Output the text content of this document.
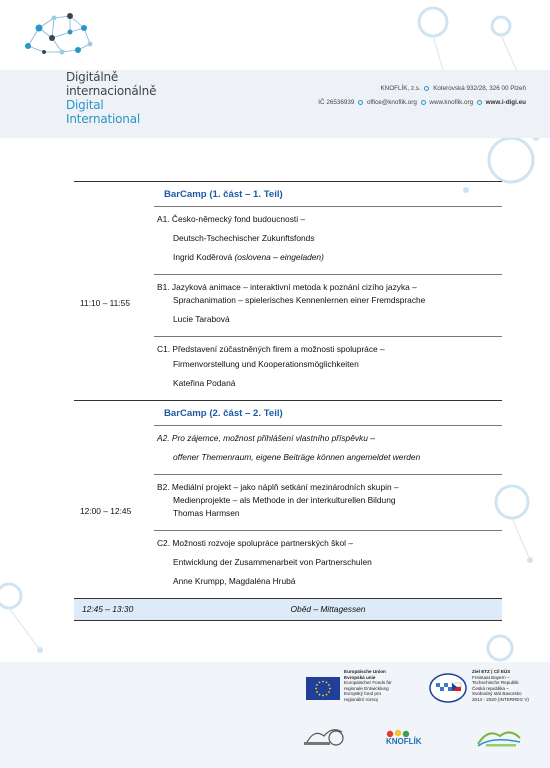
Digitálně
internacionálně
Digital
International
KNOFLÍK, z.s. Koterovská 932/28, 326 00 Plzeň
IČ 26536939 office@knoflik.org www.knoflik.org www.i-digi.eu
	BarCamp (1. část – 1. Teil)
11:10 – 11:55	A1. Česko-německý fond budoucnosti –

Deutsch-Tschechischer Zukunftsfonds

Ingrid Koděrová (oslovena – eingeladen)

	B1. Jazyková animace – interaktivní metoda k poznání cizího jazyka –

Sprachanimation – spielerisches Kennenlernen einer Fremdsprache

Lucie Tarabová

	C1. Představení zúčastněných firem a možnosti spolupráce –

Firmenvorstellung und Kooperationsmöglichkeiten

Kateřina Podaná

	BarCamp (2. část – 2. Teil)
12:00 – 12:45	A2. Pro zájemce, možnost přihlášení vlastního příspěvku –

offener Themenraum, eigene Beiträge können angemeldet werden

	B2. Mediální projekt – jako náplň setkání mezinárodních skupin –

Medienprojekte – als Methode in der interkulturellen Bildung

Thomas Harmsen

	C2. Možnosti rozvoje spolupráce partnerských škol –

Entwicklung der Zusammenarbeit von Partnerschulen

Anne Krumpp, Magdaléna Hrubá

12:45 – 13:30	Oběd – Mittagessen
Europäische Union
Evropská unie
Europäischer Fonds für
regionale Entwicklung
Evropský fond pro
regionální rozvoj
Ziel ETZ | Cíl EÚS
Freistaat Bayern –
Tschechische Republik
Česká republika –
Svobodný stát Bavorsko
2014 - 2020 (INTERREG V)
KNOFLÍK
